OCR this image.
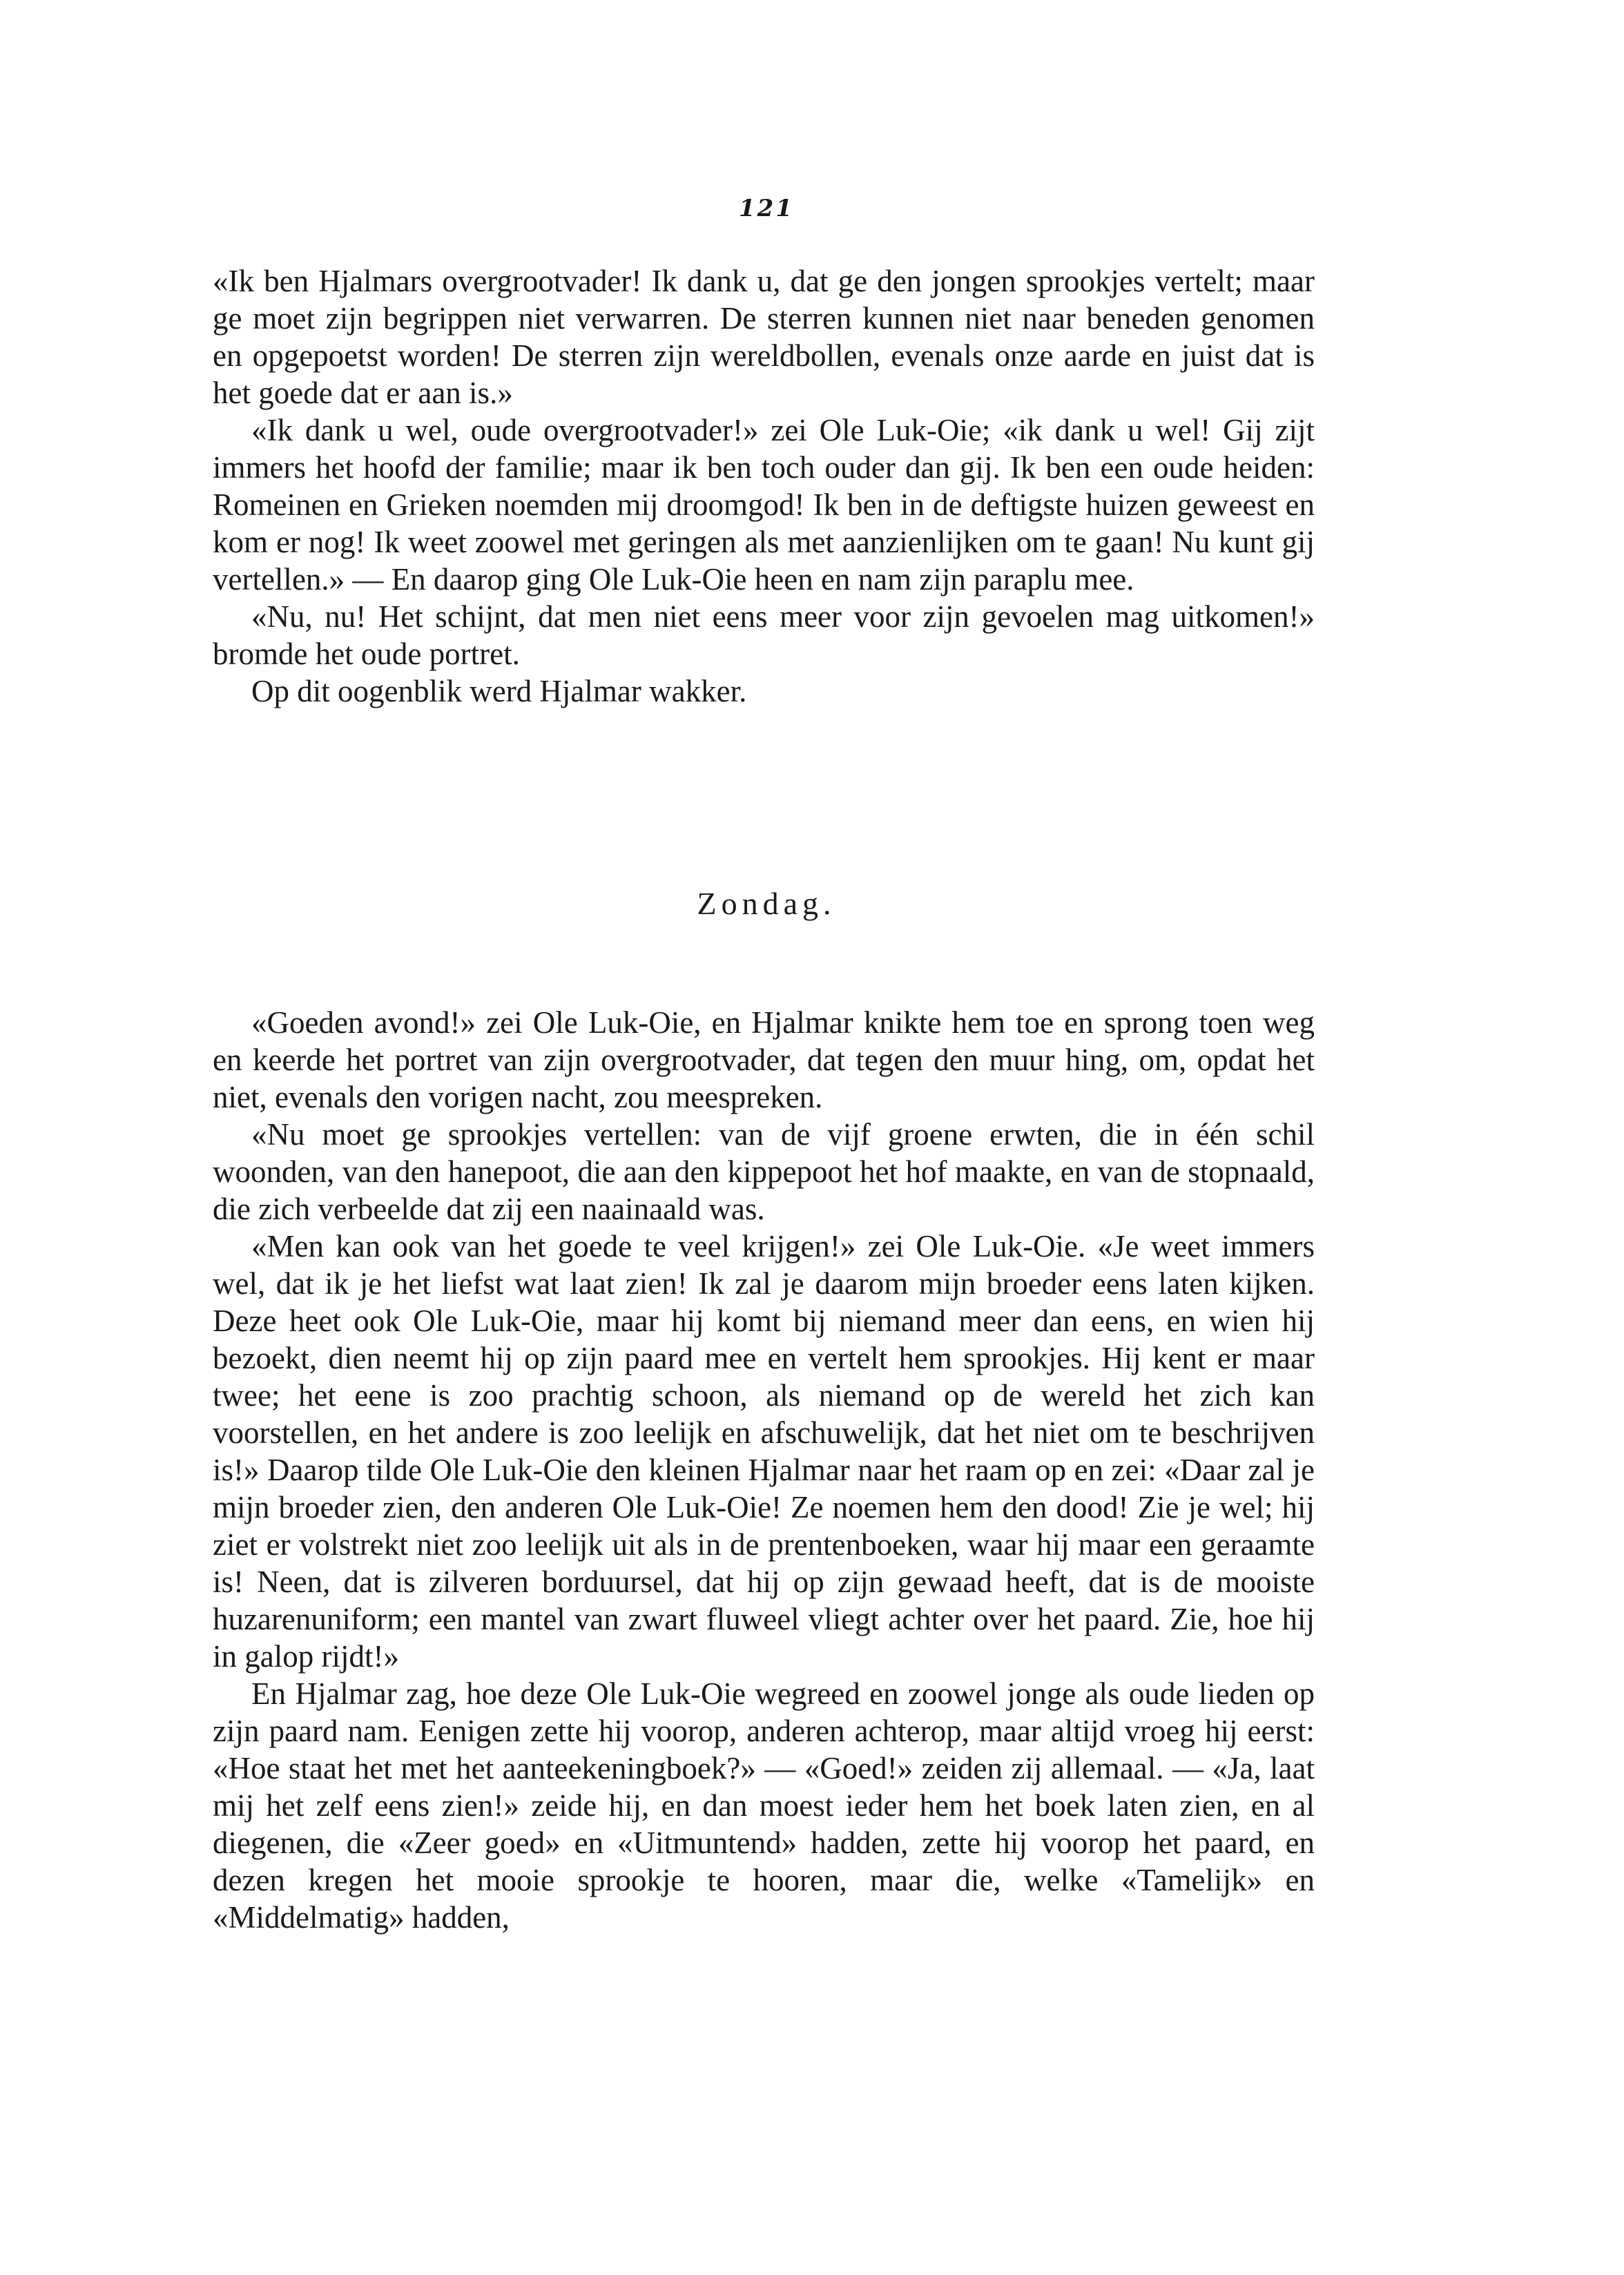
121

«Ik ben Hjalmars overgrootvader! Ik dank u, dat ge den jongen sprookjes vertelt; maar ge moet zijn begrippen niet verwarren. De sterren kunnen niet naar beneden genomen en opgepoetst worden! De sterren zijn wereldbollen, evenals onze aarde en juist dat is het goede dat er aan is.»

«Ik dank u wel, oude overgrootvader!» zei Ole Luk-Oie; «ik dank u wel! Gij zijt immers het hoofd der familie; maar ik ben toch ouder dan gij. Ik ben een oude heiden: Romeinen en Grieken noemden mij droomgod! Ik ben in de deftigste huizen geweest en kom er nog! Ik weet zoowel met geringen als met aanzienlijken om te gaan! Nu kunt gij vertellen.» — En daarop ging Ole Luk-Oie heen en nam zijn paraplu mee.

«Nu, nu! Het schijnt, dat men niet eens meer voor zijn gevoelen mag uitkomen!» bromde het oude portret.

Op dit oogenblik werd Hjalmar wakker.

Zondag.

«Goeden avond!» zei Ole Luk-Oie, en Hjalmar knikte hem toe en sprong toen weg en keerde het portret van zijn overgrootvader, dat tegen den muur hing, om, opdat het niet, evenals den vorigen nacht, zou meespreken.

«Nu moet ge sprookjes vertellen: van de vijf groene erwten, die in één schil woonden, van den hanepoot, die aan den kippepoot het hof maakte, en van de stopnaald, die zich verbeelde dat zij een naainaald was.

«Men kan ook van het goede te veel krijgen!» zei Ole Luk-Oie. «Je weet immers wel, dat ik je het liefst wat laat zien! Ik zal je daarom mijn broeder eens laten kijken. Deze heet ook Ole Luk-Oie, maar hij komt bij niemand meer dan eens, en wien hij bezoekt, dien neemt hij op zijn paard mee en vertelt hem sprookjes. Hij kent er maar twee; het eene is zoo prachtig schoon, als niemand op de wereld het zich kan voorstellen, en het andere is zoo leelijk en afschuwelijk, dat het niet om te beschrijven is!» Daarop tilde Ole Luk-Oie den kleinen Hjalmar naar het raam op en zei: «Daar zal je mijn broeder zien, den anderen Ole Luk-Oie! Ze noemen hem den dood! Zie je wel; hij ziet er volstrekt niet zoo leelijk uit als in de prentenboeken, waar hij maar een geraamte is! Neen, dat is zilveren borduursel, dat hij op zijn gewaad heeft, dat is de mooiste huzarenuniform; een mantel van zwart fluweel vliegt achter over het paard. Zie, hoe hij in galop rijdt!»

En Hjalmar zag, hoe deze Ole Luk-Oie wegreed en zoowel jonge als oude lieden op zijn paard nam. Eenigen zette hij voorop, anderen achterop, maar altijd vroeg hij eerst: «Hoe staat het met het aanteekeningboek?» — «Goed!» zeiden zij allemaal. — «Ja, laat mij het zelf eens zien!» zeide hij, en dan moest ieder hem het boek laten zien, en al diegenen, die «Zeer goed» en «Uitmuntend» hadden, zette hij voorop het paard, en dezen kregen het mooie sprookje te hooren, maar die, welke «Tamelijk» en «Middelmatig» hadden,
